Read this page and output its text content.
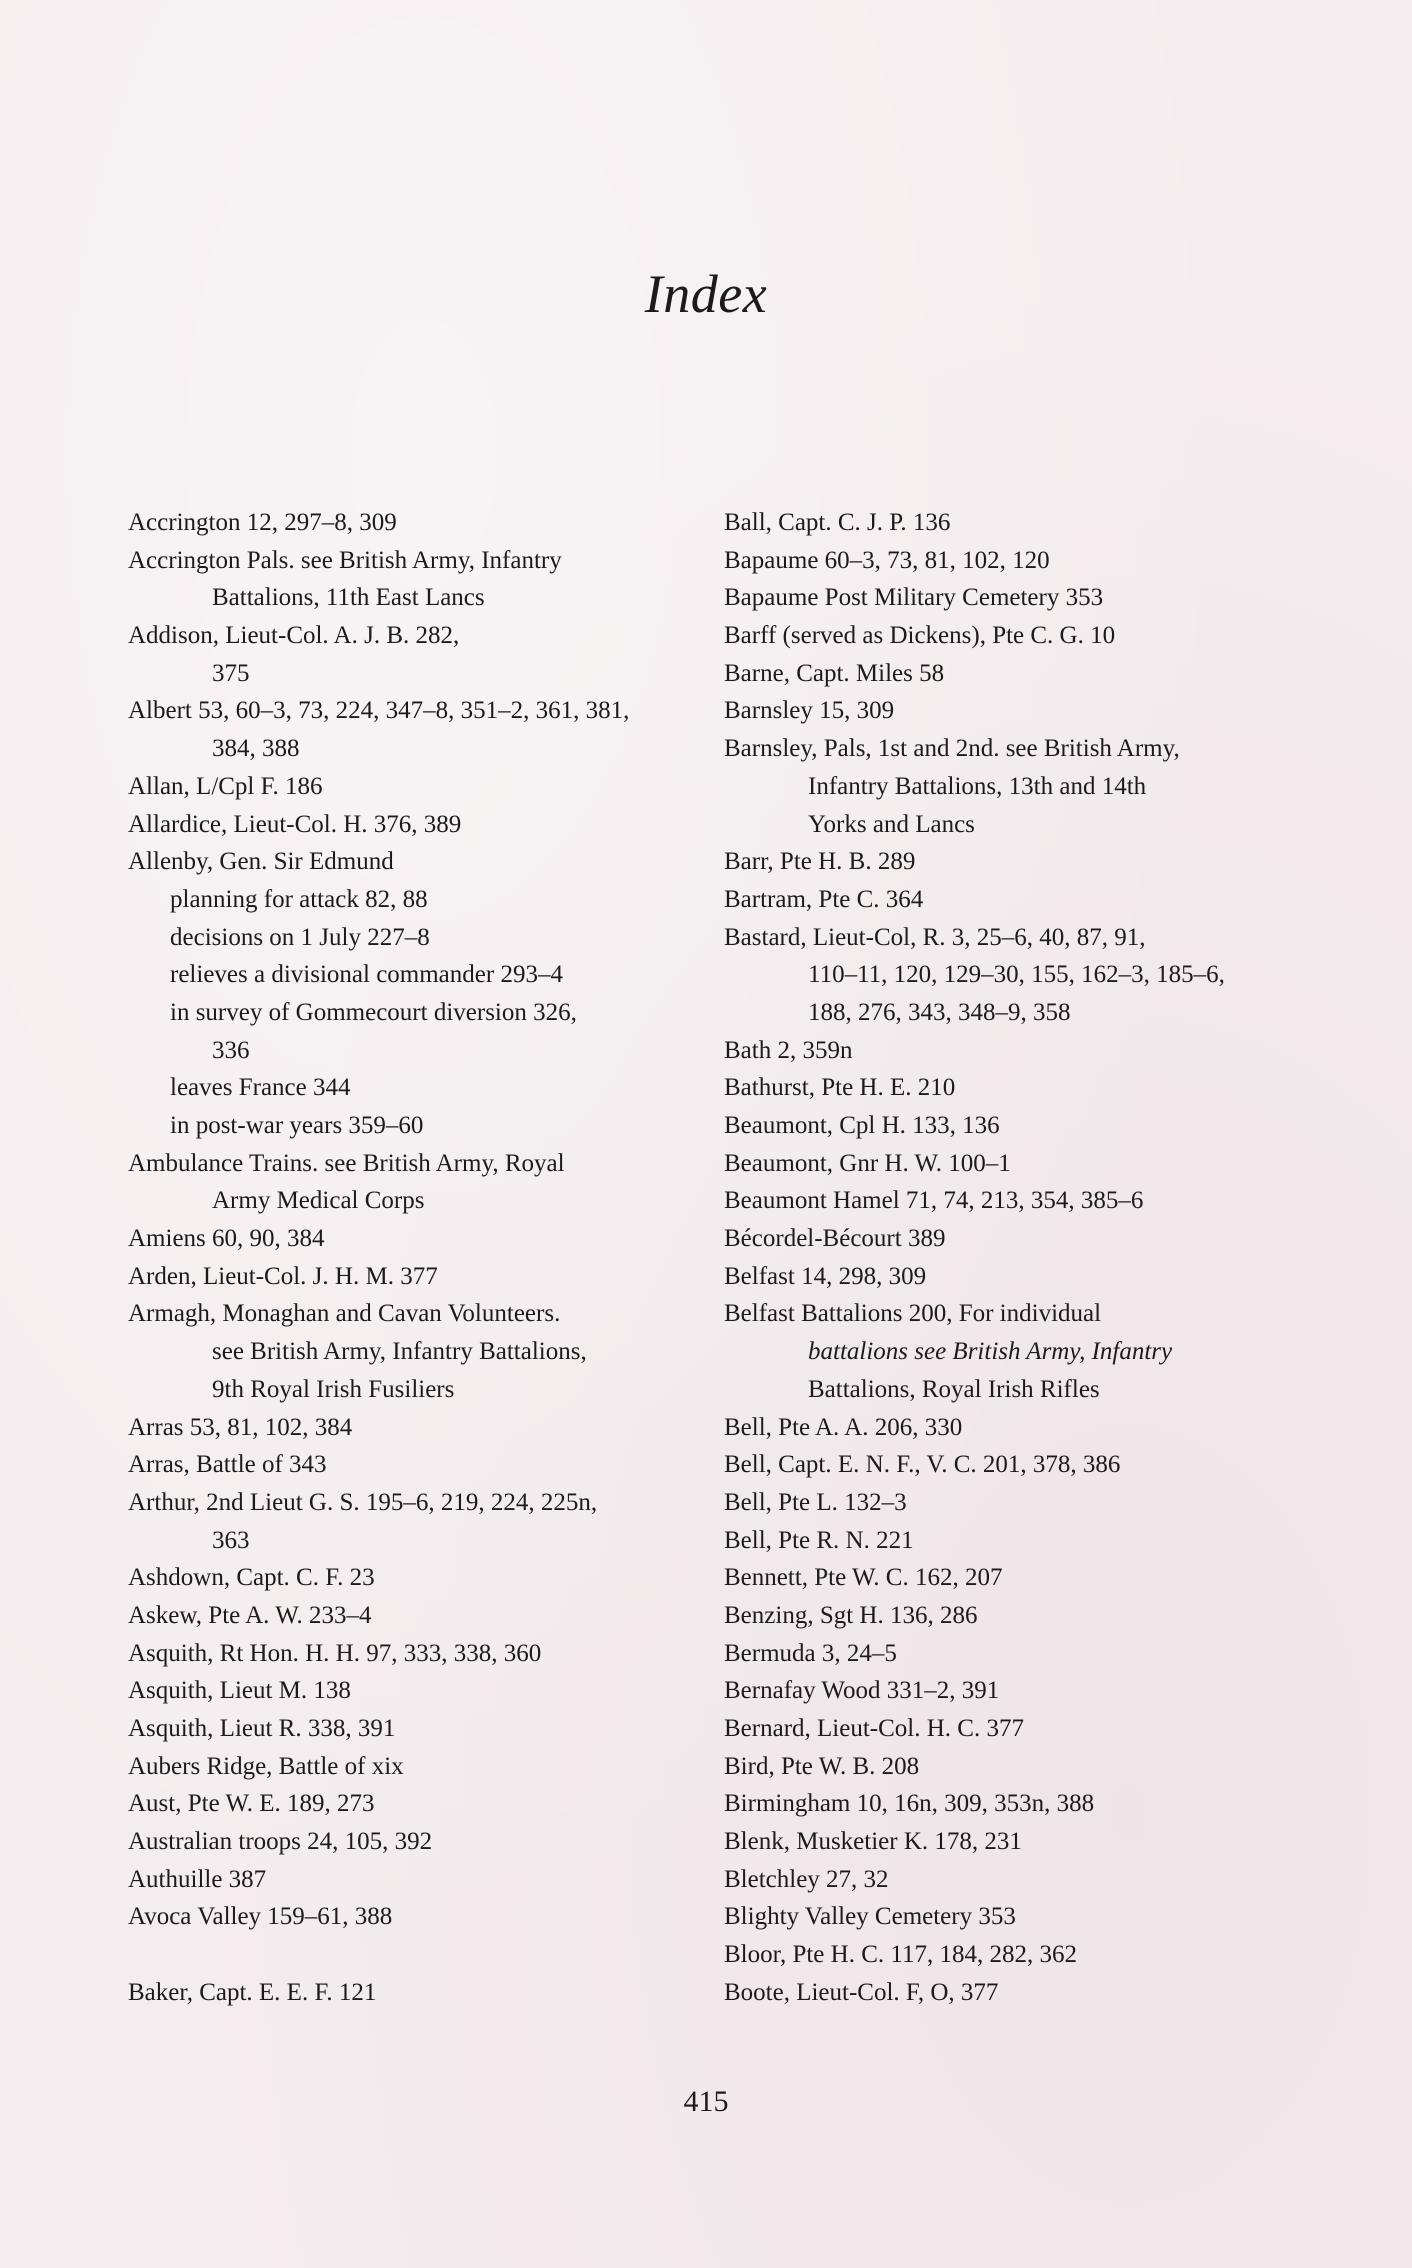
Index
Accrington 12, 297–8, 309
Accrington Pals. see British Army, Infantry
Battalions, 11th East Lancs
Addison, Lieut-Col. A. J. B. 282,
375
Albert 53, 60–3, 73, 224, 347–8, 351–2, 361, 381,
384, 388
Allan, L/Cpl F. 186
Allardice, Lieut-Col. H. 376, 389
Allenby, Gen. Sir Edmund
planning for attack 82, 88
decisions on 1 July 227–8
relieves a divisional commander 293–4
in survey of Gommecourt diversion 326,
336
leaves France 344
in post-war years 359–60
Ambulance Trains. see British Army, Royal
Army Medical Corps
Amiens 60, 90, 384
Arden, Lieut-Col. J. H. M. 377
Armagh, Monaghan and Cavan Volunteers.
see British Army, Infantry Battalions,
9th Royal Irish Fusiliers
Arras 53, 81, 102, 384
Arras, Battle of 343
Arthur, 2nd Lieut G. S. 195–6, 219, 224, 225n,
363
Ashdown, Capt. C. F. 23
Askew, Pte A. W. 233–4
Asquith, Rt Hon. H. H. 97, 333, 338, 360
Asquith, Lieut M. 138
Asquith, Lieut R. 338, 391
Aubers Ridge, Battle of xix
Aust, Pte W. E. 189, 273
Australian troops 24, 105, 392
Authuille 387
Avoca Valley 159–61, 388
Baker, Capt. E. E. F. 121
Ball, Capt. C. J. P. 136
Bapaume 60–3, 73, 81, 102, 120
Bapaume Post Military Cemetery 353
Barff (served as Dickens), Pte C. G. 10
Barne, Capt. Miles 58
Barnsley 15, 309
Barnsley, Pals, 1st and 2nd. see British Army,
Infantry Battalions, 13th and 14th
Yorks and Lancs
Barr, Pte H. B. 289
Bartram, Pte C. 364
Bastard, Lieut-Col, R. 3, 25–6, 40, 87, 91,
110–11, 120, 129–30, 155, 162–3, 185–6,
188, 276, 343, 348–9, 358
Bath 2, 359n
Bathurst, Pte H. E. 210
Beaumont, Cpl H. 133, 136
Beaumont, Gnr H. W. 100–1
Beaumont Hamel 71, 74, 213, 354, 385–6
Bécordel-Bécourt 389
Belfast 14, 298, 309
Belfast Battalions 200, For individual
battalions see British Army, Infantry
Battalions, Royal Irish Rifles
Bell, Pte A. A. 206, 330
Bell, Capt. E. N. F., V. C. 201, 378, 386
Bell, Pte L. 132–3
Bell, Pte R. N. 221
Bennett, Pte W. C. 162, 207
Benzing, Sgt H. 136, 286
Bermuda 3, 24–5
Bernafay Wood 331–2, 391
Bernard, Lieut-Col. H. C. 377
Bird, Pte W. B. 208
Birmingham 10, 16n, 309, 353n, 388
Blenk, Musketier K. 178, 231
Bletchley 27, 32
Blighty Valley Cemetery 353
Bloor, Pte H. C. 117, 184, 282, 362
Boote, Lieut-Col. F, O, 377
415
